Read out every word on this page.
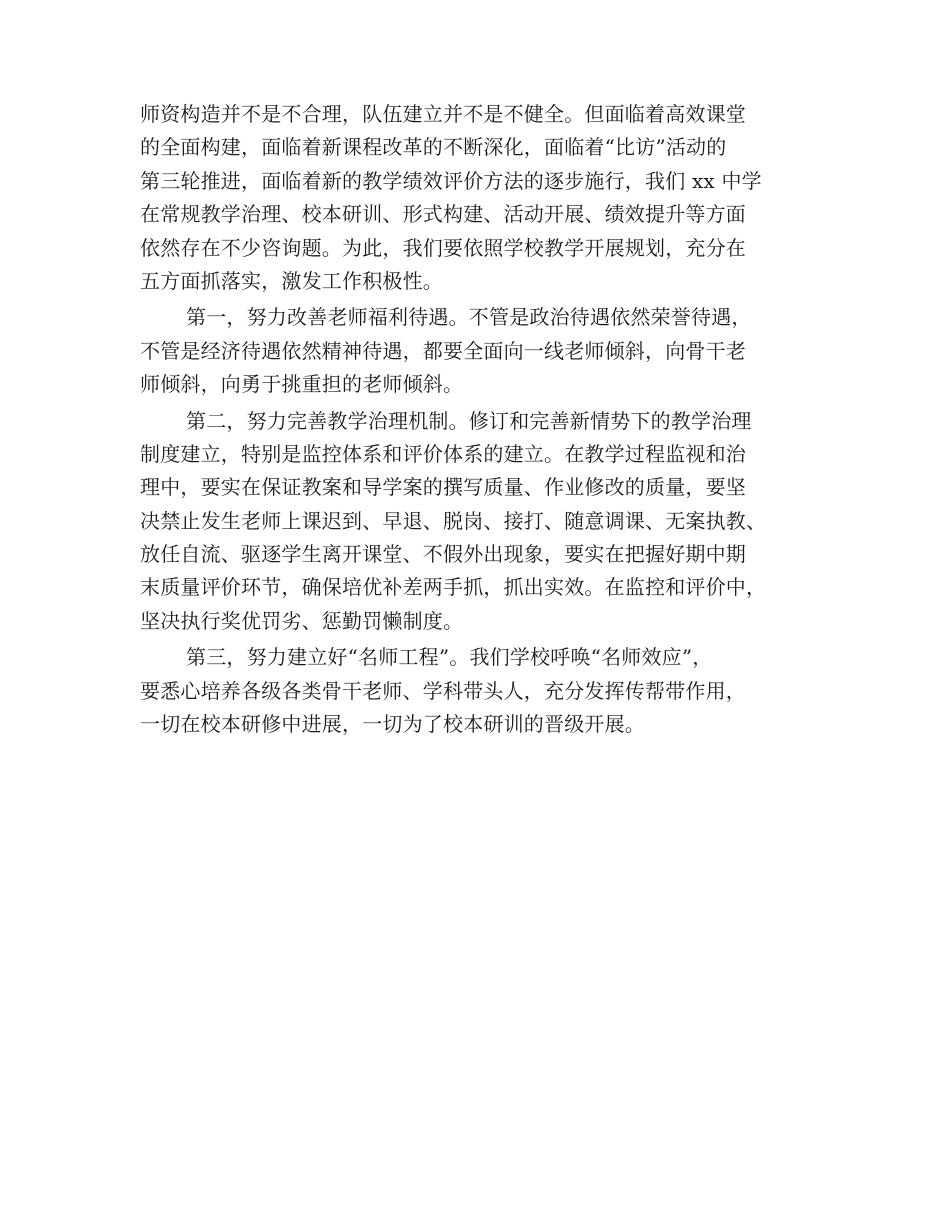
师资构造并不是不合理，队伍建立并不是不健全。但面临着高效课堂
的全面构建，面临着新课程改革的不断深化，面临着“比访”活动的
第三轮推进，面临着新的教学绩效评价方法的逐步施行，我们 xx 中学
在常规教学治理、校本研训、形式构建、活动开展、绩效提升等方面
依然存在不少咨询题。为此，我们要依照学校教学开展规划，充分在
五方面抓落实，激发工作积极性。
第一，努力改善老师福利待遇。不管是政治待遇依然荣誉待遇，
不管是经济待遇依然精神待遇，都要全面向一线老师倾斜，向骨干老
师倾斜，向勇于挑重担的老师倾斜。
第二，努力完善教学治理机制。修订和完善新情势下的教学治理
制度建立，特别是监控体系和评价体系的建立。在教学过程监视和治
理中，要实在保证教案和导学案的撰写质量、作业修改的质量，要坚
决禁止发生老师上课迟到、早退、脱岗、接打、随意调课、无案执教、
放任自流、驱逐学生离开课堂、不假外出现象，要实在把握好期中期
末质量评价环节，确保培优补差两手抓，抓出实效。在监控和评价中，
坚决执行奖优罚劣、惩勤罚懒制度。
第三，努力建立好“名师工程”。我们学校呼唤“名师效应”，
要悉心培养各级各类骨干老师、学科带头人，充分发挥传帮带作用，
一切在校本研修中进展，一切为了校本研训的晋级开展。
